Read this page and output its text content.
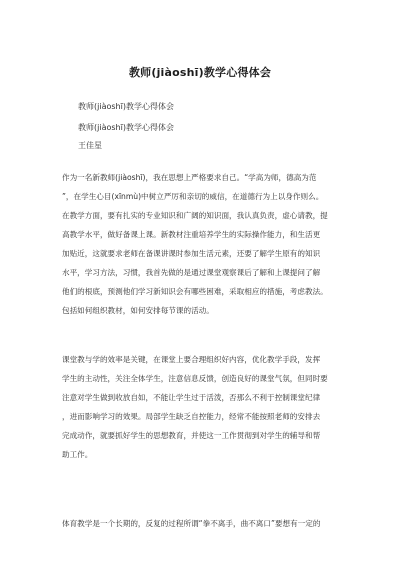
教师(jiàoshī)教学心得体会
教师(jiàoshī)教学心得体会
教师(jiàoshī)教学心得体会
王佳星
作为一名新教师(jiàoshī)，我在思想上严格要求自己。“学高为师，德高为范
”，在学生心目(xīnmù)中树立严厉和亲切的威信，在道德行为上以身作则么。
在教学方面，要有扎实的专业知识和广阔的知识面，我认真负责，虚心请教，提
高教学水平，做好备课上课。新教材注重培养学生的实际操作能力，和生活更
加贴近，这就要求老师在备课讲课时参加生活元素，还要了解学生原有的知识
水平，学习方法，习惯，我首先做的是通过课堂观察课后了解和上课提问了解
他们的根底，预测他们学习新知识会有哪些困难，采取相应的措施，考虑教法。
包括如何组织教材，如何安排每节课的活动。
课堂教与学的效率是关键，在课堂上要合理组织好内容，优化教学手段，发挥
学生的主动性，关注全体学生，注意信息反馈，创造良好的课堂气氛，但同时要
注意对学生做到收放自如，不能让学生过于活泼，否那么不利于控制课堂纪律
，进而影响学习的效果。局部学生缺乏自控能力，经常不能按照老师的安排去
完成动作，就要抓好学生的思想教育，并使这一工作贯彻到对学生的辅导和帮
助工作。
体育教学是一个长期的，反复的过程所谓“拳不离手，曲不离口”要想有一定的
